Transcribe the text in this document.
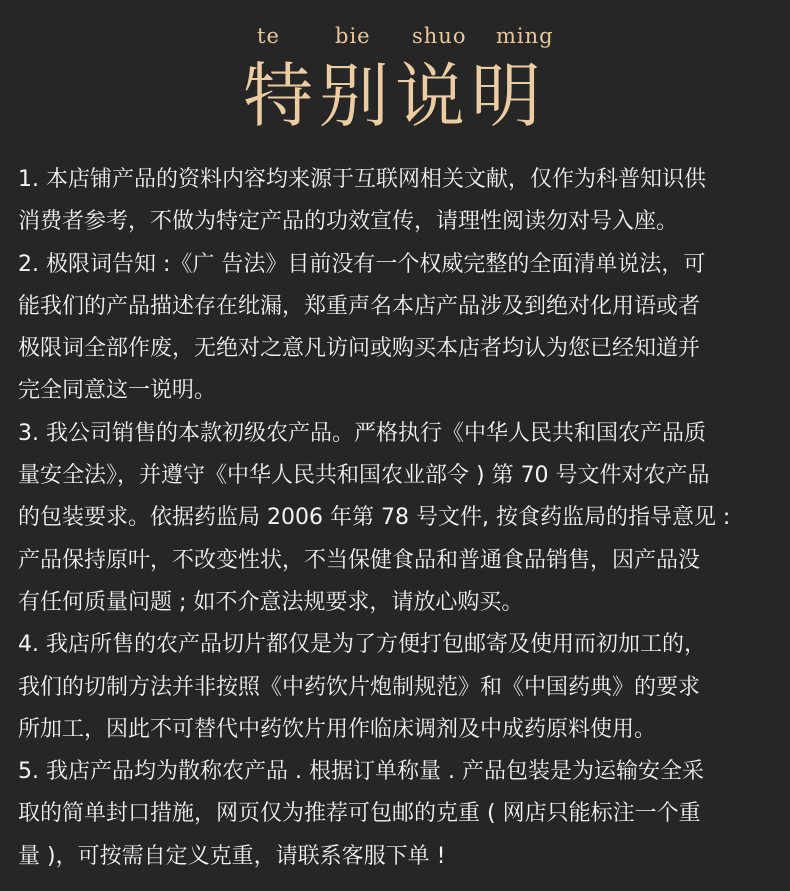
te	bie shuo ming
特别说明

1. 本店铺产品的资料内容均来源于互联网相关文献，仅作为科普知识供
消费者参考，不做为特定产品的功效宣传，请理性阅读勿对号入座。

2. 极限词告知 :《广 告法》目前没有一个权威完整的全面清单说法，可
能我们的产品描述存在纰漏，郑重声名本店产品涉及到绝对化用语或者
极限词全部作废，无绝对之意凡访问或购买本店者均认为您已经知道并
完全同意这一说明。

3. 我公司销售的本款初级农产品。严格执行《中华人民共和国农产品质
量安全法》，并遵守《中华人民共和国农业部令 ) 第 70 号文件对农产品
的包装要求。依据药监局 2006 年第 78 号文件, 按食药监局的指导意见 :
产品保持原叶，不改变性状，不当保健食品和普通食品销售，因产品没
有任何质量问题 ; 如不介意法规要求，请放心购买。

4. 我店所售的农产品切片都仅是为了方便打包邮寄及使用而初加工的，
我们的切制方法并非按照《中药饮片炮制规范》和《中国药典》的要求
所加工，因此不可替代中药饮片用作临床调剂及中成药原料使用。

5. 我店产品均为散称农产品 . 根据订单称量 . 产品包装是为运输安全采
取的简单封口措施，网页仅为推荐可包邮的克重 ( 网店只能标注一个重
量 )，可按需自定义克重，请联系客服下单 !
